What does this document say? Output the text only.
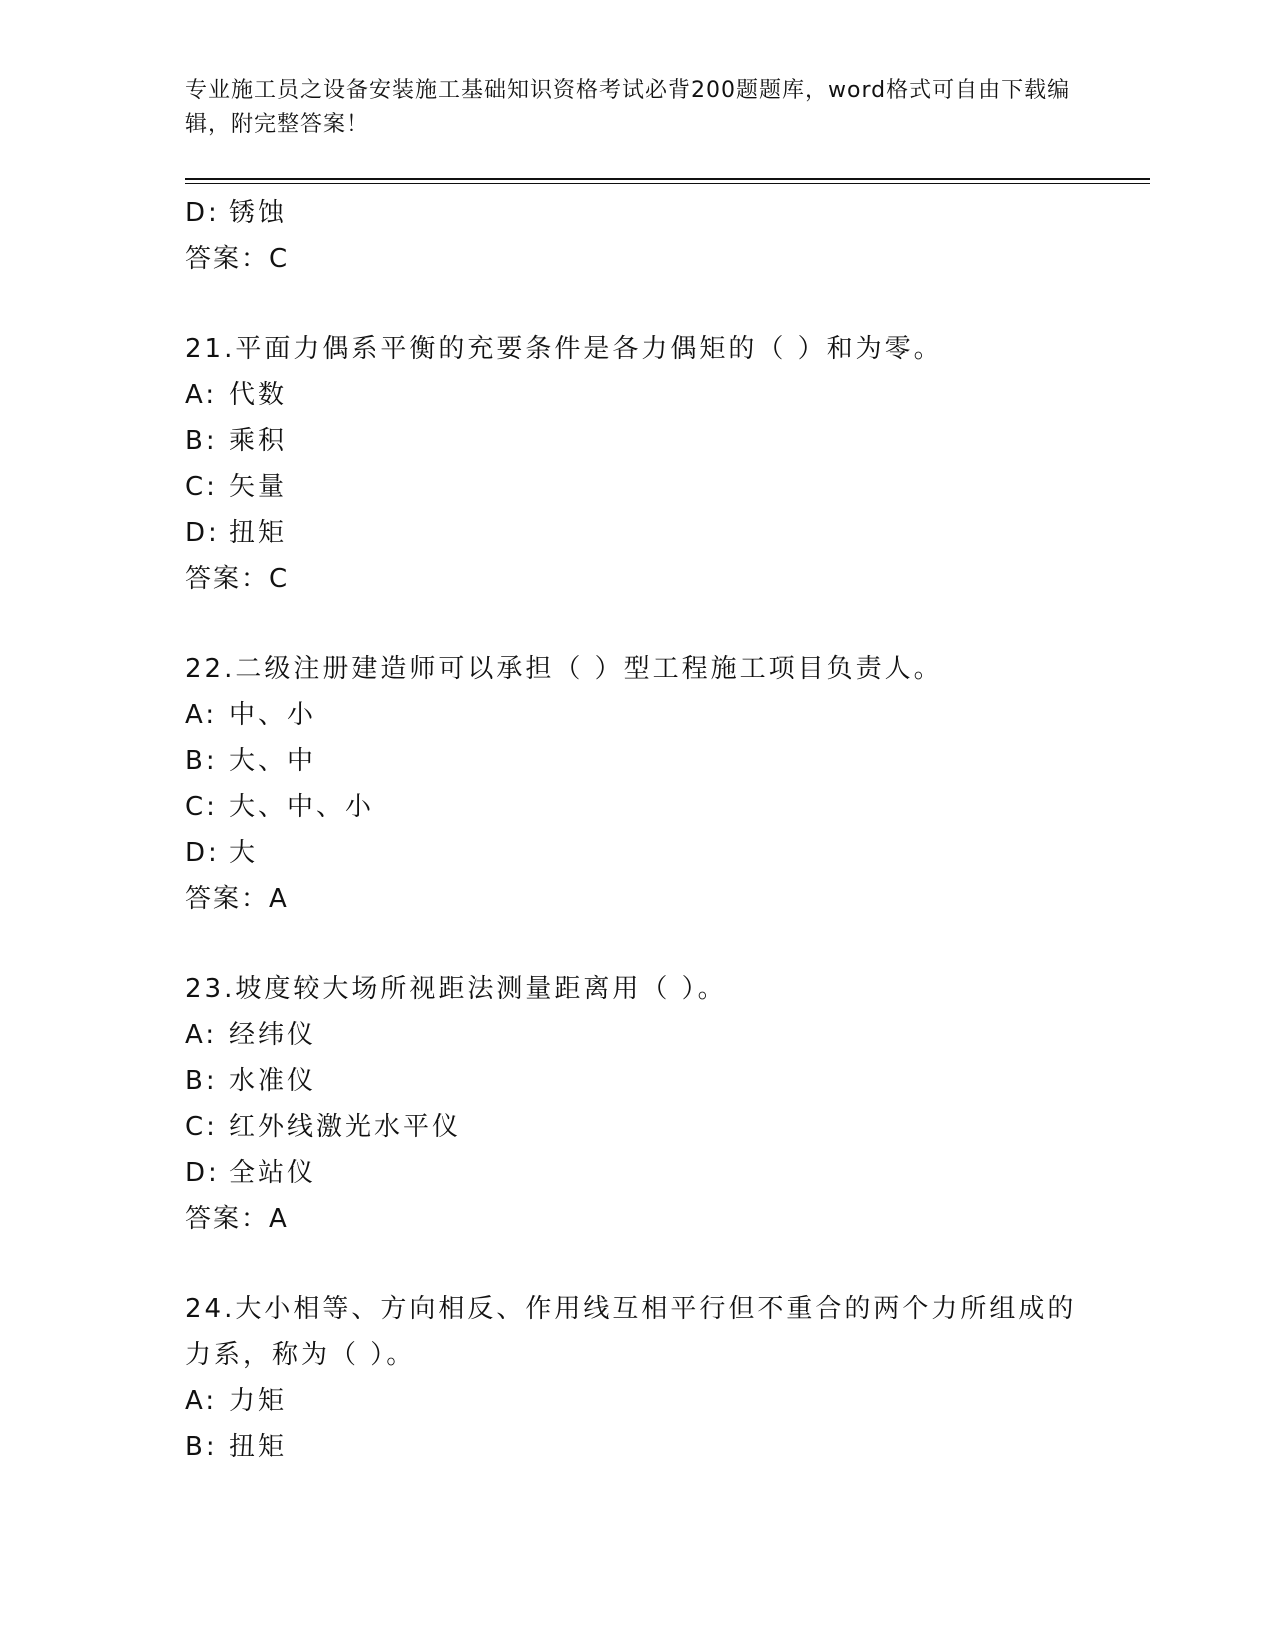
专业施工员之设备安装施工基础知识资格考试必背200题题库，word格式可自由下载编辑，附完整答案！
D: 锈蚀
答案：C
21.平面力偶系平衡的充要条件是各力偶矩的（ ）和为零。
A: 代数
B: 乘积
C: 矢量
D: 扭矩
答案：C
22.二级注册建造师可以承担（ ）型工程施工项目负责人。
A: 中、小
B: 大、中
C: 大、中、小
D: 大
答案：A
23.坡度较大场所视距法测量距离用（ ）。
A: 经纬仪
B: 水准仪
C: 红外线激光水平仪
D: 全站仪
答案：A
24.大小相等、方向相反、作用线互相平行但不重合的两个力所组成的力系，称为（ ）。
A: 力矩
B: 扭矩
